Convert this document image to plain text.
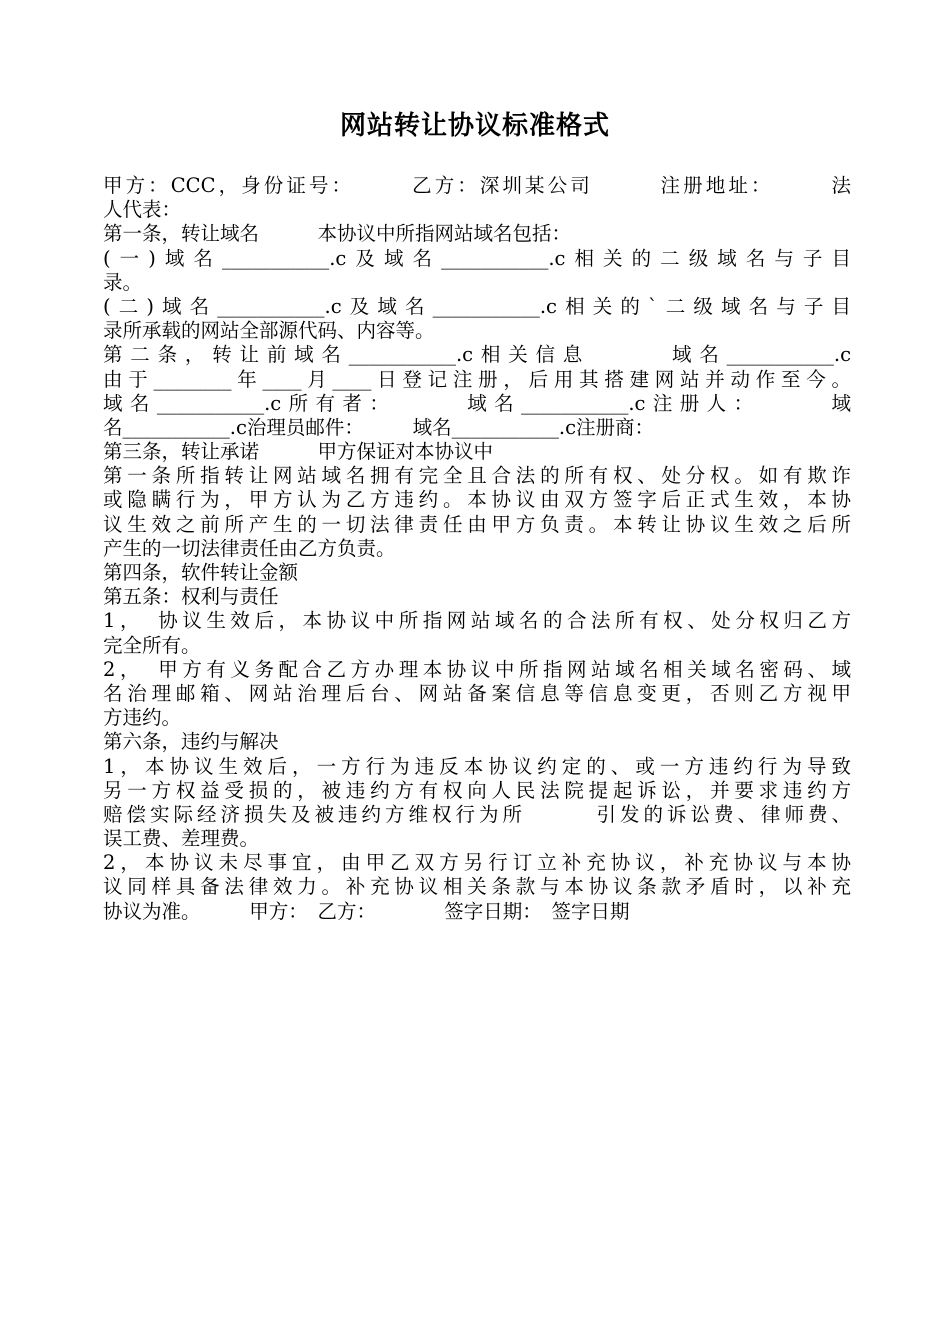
网站转让协议标准格式
甲方：CCC，身份证号：　　　乙方：深圳某公司　　　注册地址：　　　法
人代表：
第一条，转让域名　　　本协议中所指网站域名包括：
(一)域名___________.c及域名___________.c相关的二级域名与子目
录。
(二)域名___________.c及域名___________.c相关的`二级域名与子目
录所承载的网站全部源代码、内容等。
第二条，转让前域名___________.c相关信息　　　域名___________.c
由于________年____月____日登记注册，后用其搭建网站并动作至今。
域名___________.c所有者：　　　域名___________.c注册人：　　　域
名___________.c治理员邮件：　　　域名___________.c注册商：
第三条，转让承诺　　　甲方保证对本协议中
第一条所指转让网站域名拥有完全且合法的所有权、处分权。如有欺诈
或隐瞒行为，甲方认为乙方违约。本协议由双方签字后正式生效，本协
议生效之前所产生的一切法律责任由甲方负责。本转让协议生效之后所
产生的一切法律责任由乙方负责。
第四条，软件转让金额
第五条：权利与责任
1，　协议生效后，本协议中所指网站域名的合法所有权、处分权归乙方
完全所有。
2，　甲方有义务配合乙方办理本协议中所指网站域名相关域名密码、域
名治理邮箱、网站治理后台、网站备案信息等信息变更，否则乙方视甲
方违约。
第六条，违约与解决
1，本协议生效后，一方行为违反本协议约定的、或一方违约行为导致
另一方权益受损的，被违约方有权向人民法院提起诉讼，并要求违约方
赔偿实际经济损失及被违约方维权行为所　　　引发的诉讼费、律师费、
误工费、差理费。
2，本协议未尽事宜，由甲乙双方另行订立补充协议，补充协议与本协
议同样具备法律效力。补充协议相关条款与本协议条款矛盾时，以补充
协议为准。　　　甲方：　乙方：　　　　签字日期：　签字日期
